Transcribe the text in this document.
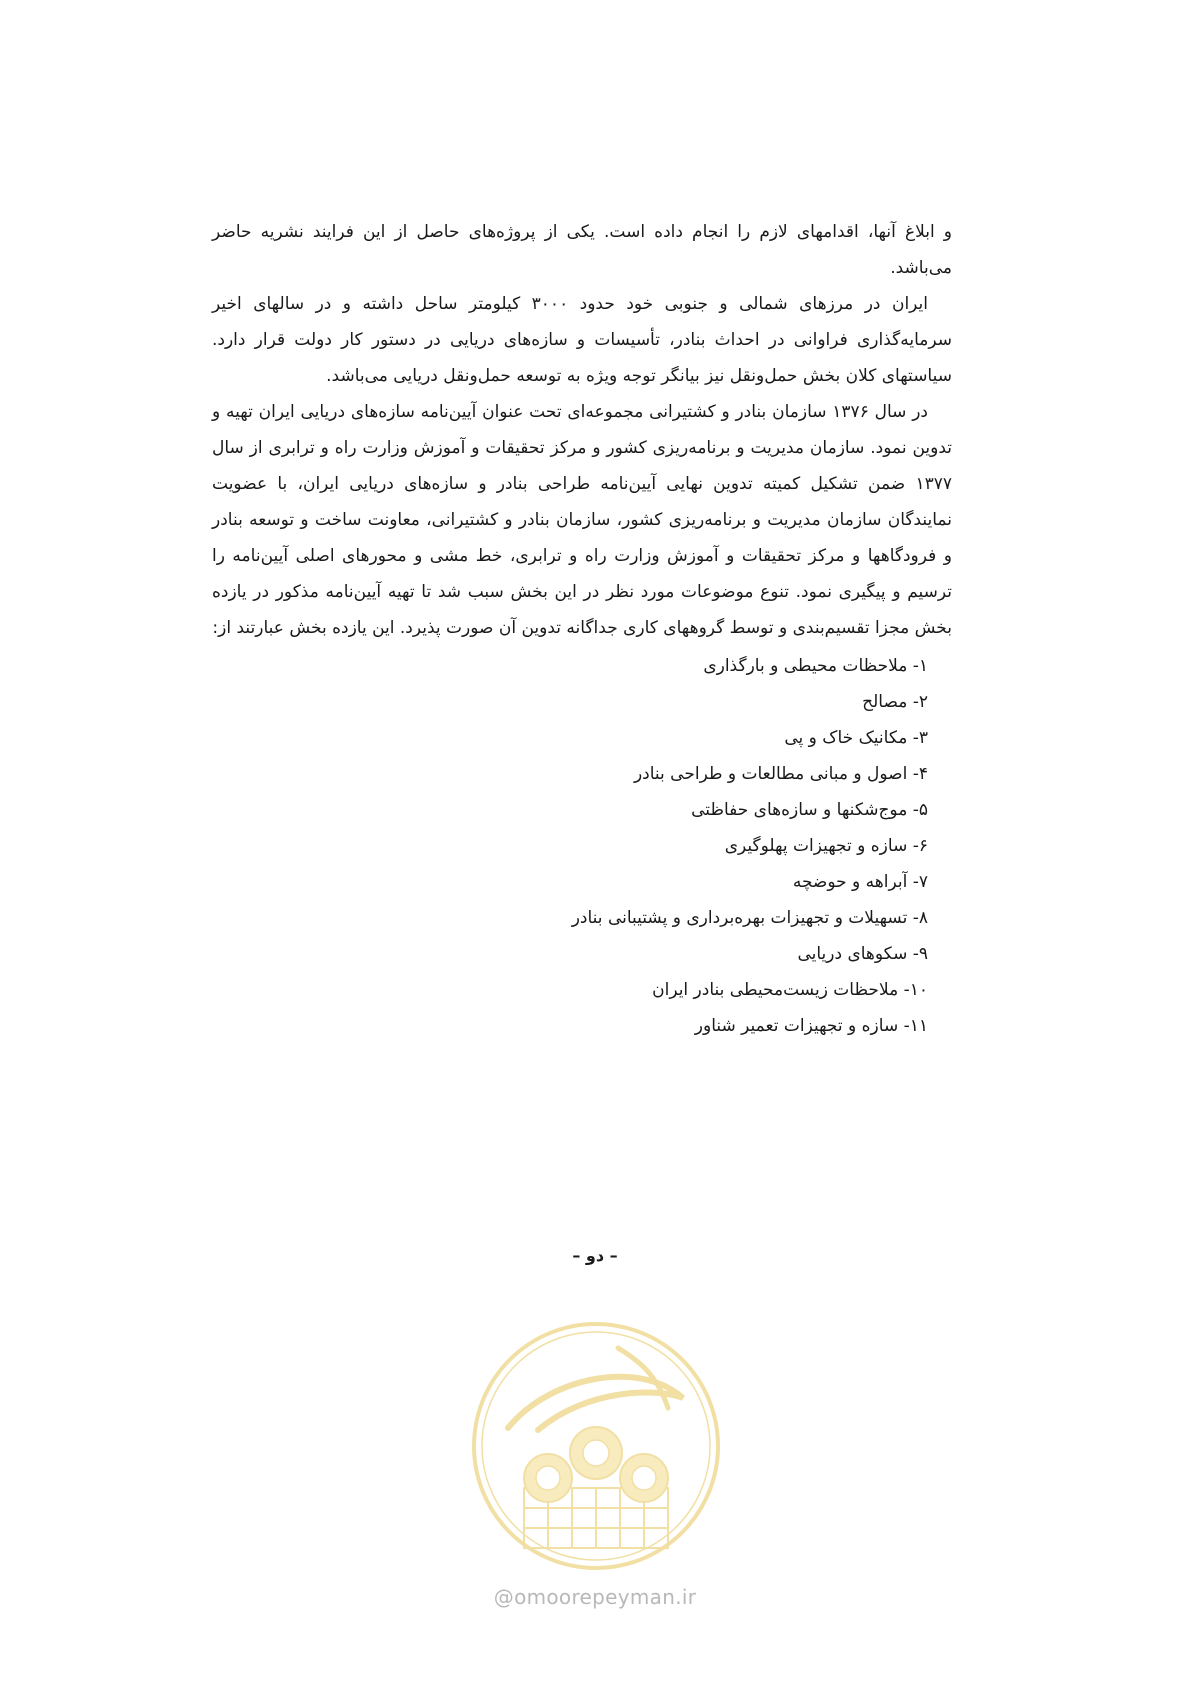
و ابلاغ آنها، اقدامهای لازم را انجام داده است. یکی از پروژه‌های حاصل از این فرایند نشریه حاضر می‌باشد.

ایران در مرزهای شمالی و جنوبی خود حدود ۳۰۰۰ کیلومتر ساحل داشته و در سالهای اخیر سرمایه‌گذاری فراوانی در احداث بنادر، تأسیسات و سازه‌های دریایی در دستور کار دولت قرار دارد. سیاستهای کلان بخش حمل‌ونقل نیز بیانگر توجه ویژه به توسعه حمل‌ونقل دریایی می‌باشد.

در سال ۱۳۷۶ سازمان بنادر و کشتیرانی مجموعه‌ای تحت عنوان آیین‌نامه سازه‌های دریایی ایران تهیه و تدوین نمود. سازمان مدیریت و برنامه‌ریزی کشور و مرکز تحقیقات و آموزش وزارت راه و ترابری از سال ۱۳۷۷ ضمن تشکیل کمیته تدوین نهایی آیین‌نامه طراحی بنادر و سازه‌های دریایی ایران، با عضویت نمایندگان سازمان مدیریت و برنامه‌ریزی کشور، سازمان بنادر و کشتیرانی، معاونت ساخت و توسعه بنادر و فرودگاهها و مرکز تحقیقات و آموزش وزارت راه و ترابری، خط مشی و محورهای اصلی آیین‌نامه را ترسیم و پیگیری نمود. تنوع موضوعات مورد نظر در این بخش سبب شد تا تهیه آیین‌نامه مذکور در یازده بخش مجزا تقسیم‌بندی و توسط گروههای کاری جداگانه تدوین آن صورت پذیرد. این یازده بخش عبارتند از:

۱- ملاحظات محیطی و بارگذاری
۲- مصالح
۳- مکانیک خاک و پی
۴- اصول و مبانی مطالعات و طراحی بنادر
۵- موج‌شکنها و سازه‌های حفاظتی
۶- سازه و تجهیزات پهلوگیری
۷- آبراهه و حوضچه
۸- تسهیلات و تجهیزات بهره‌برداری و پشتیبانی بنادر
۹- سکوهای دریایی
۱۰- ملاحظات زیست‌محیطی بنادر ایران
۱۱- سازه و تجهیزات تعمیر شناور
– دو –
@omoorepeyman.ir
